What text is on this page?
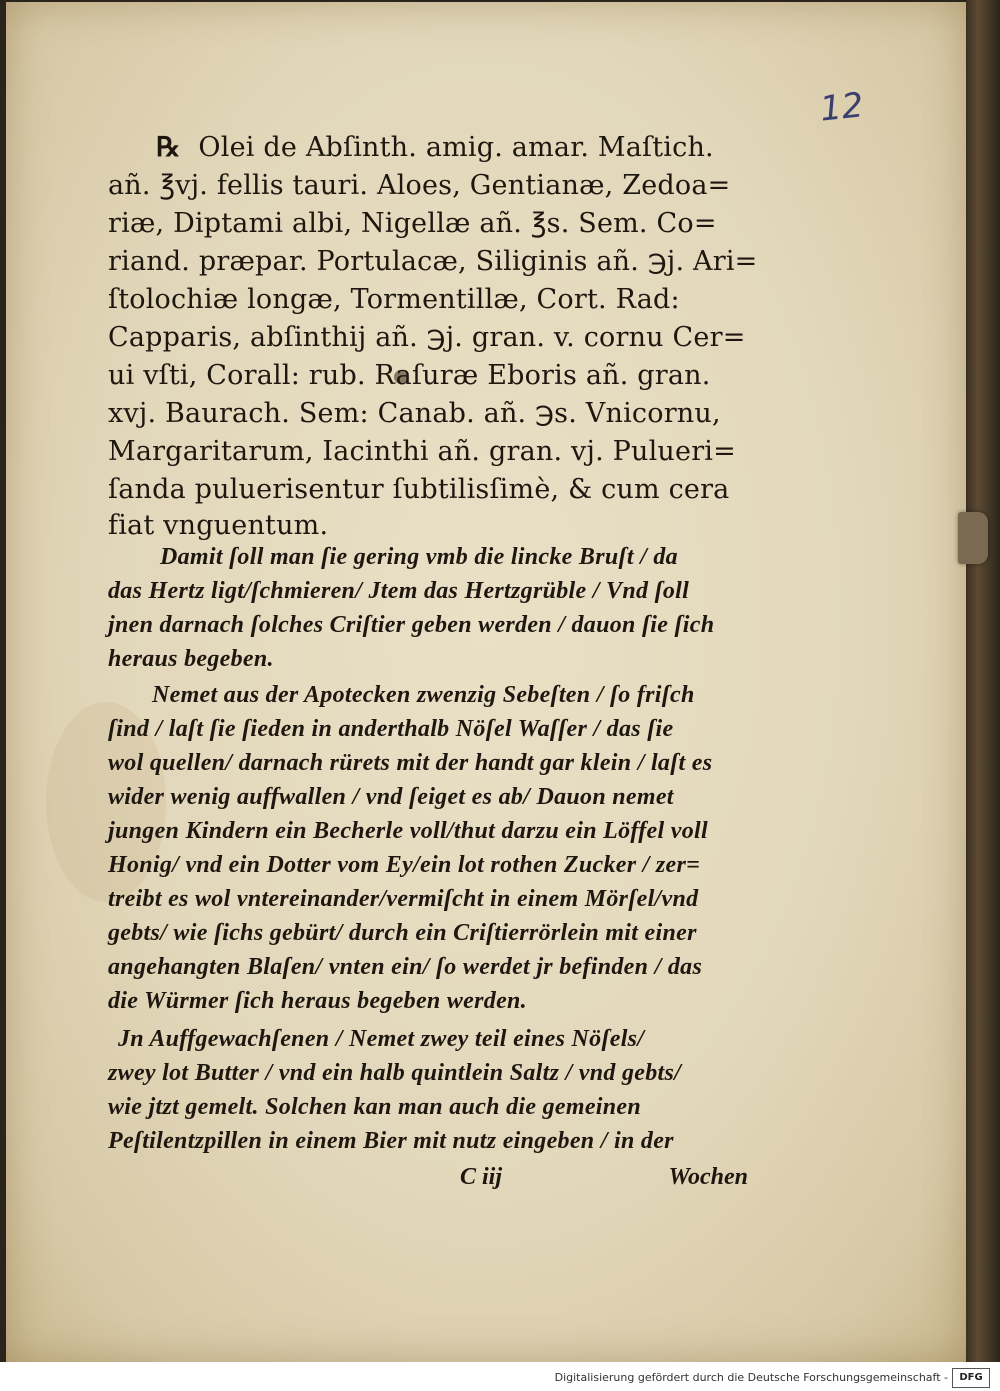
12
℞ Olei de Abſinth. amig. amar. Maſtich.
añ. ℥vj. fellis tauri. Aloes, Gentianæ, Zedoa=
riæ, Diptami albi, Nigellæ añ. ℥s. Sem. Co=
riand. præpar. Portulacæ, Siliginis añ. ℈j. Ari=
ſtolochiæ longæ, Tormentillæ, Cort. Rad:
Capparis, abſinthij añ. ℈j. gran. v. cornu Cer=
ui vſti, Corall: rub. Raſuræ Eboris añ. gran.
xvj. Baurach. Sem: Canab. añ. ℈s. Vnicornu,
Margaritarum, Iacinthi añ. gran. vj. Pulueri=
ſanda puluerisentur ſubtilisſimè, & cum cera
fiat vnguentum.
Damit ſoll man ſie gering vmb die lincke Bruſt / da
das Hertz ligt/ſchmieren/ Jtem das Hertzgrüble / Vnd ſoll
jnen darnach ſolches Criſtier geben werden / dauon ſie ſich
heraus begeben.
Nemet aus der Apotecken zwenzig Sebeſten / ſo friſch
ſind / laſt ſie ſieden in anderthalb Nöſel Waſſer / das ſie
wol quellen/ darnach rürets mit der handt gar klein / laſt es
wider wenig auffwallen / vnd ſeiget es ab/ Dauon nemet
jungen Kindern ein Becherle voll/thut darzu ein Löffel voll
Honig/ vnd ein Dotter vom Ey/ein lot rothen Zucker / zer=
treibt es wol vntereinander/vermiſcht in einem Mörſel/vnd
gebts/ wie ſichs gebürt/ durch ein Criſtierrörlein mit einer
angehangten Blaſen/ vnten ein/ ſo werdet jr befinden / das
die Würmer ſich heraus begeben werden.
Jn Auffgewachſenen / Nemet zwey teil eines Nöſels/
zwey lot Butter / vnd ein halb quintlein Saltz / vnd gebts/
wie jtzt gemelt. Solchen kan man auch die gemeinen
Peſtilentzpillen in einem Bier mit nutz eingeben / in der
C iij	Wochen
Digitalisierung gefördert durch die Deutsche Forschungsgemeinschaft -	DFG
